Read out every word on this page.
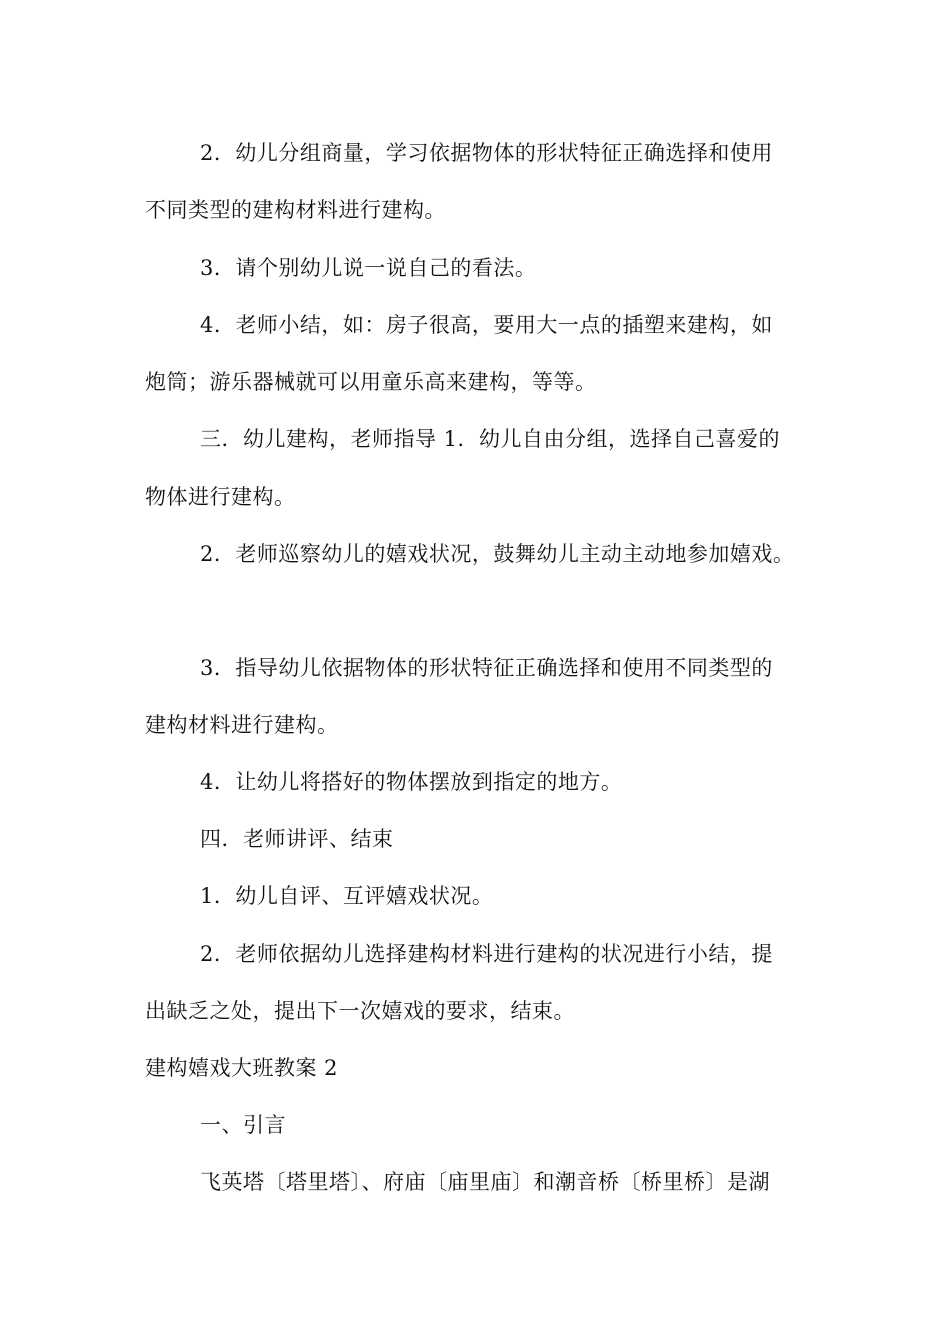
2．幼儿分组商量，学习依据物体的形状特征正确选择和使用
不同类型的建构材料进行建构。
3．请个别幼儿说一说自己的看法。
4．老师小结，如：房子很高，要用大一点的插塑来建构，如
炮筒；游乐器械就可以用童乐高来建构，等等。
三．幼儿建构，老师指导 1．幼儿自由分组，选择自己喜爱的
物体进行建构。
2．老师巡察幼儿的嬉戏状况，鼓舞幼儿主动主动地参加嬉戏。
3．指导幼儿依据物体的形状特征正确选择和使用不同类型的
建构材料进行建构。
4．让幼儿将搭好的物体摆放到指定的地方。
四．老师讲评、结束
1．幼儿自评、互评嬉戏状况。
2．老师依据幼儿选择建构材料进行建构的状况进行小结，提
出缺乏之处，提出下一次嬉戏的要求，结束。
建构嬉戏大班教案 2
一、引言
飞英塔〔塔里塔〕、府庙〔庙里庙〕和潮音桥〔桥里桥〕是湖
